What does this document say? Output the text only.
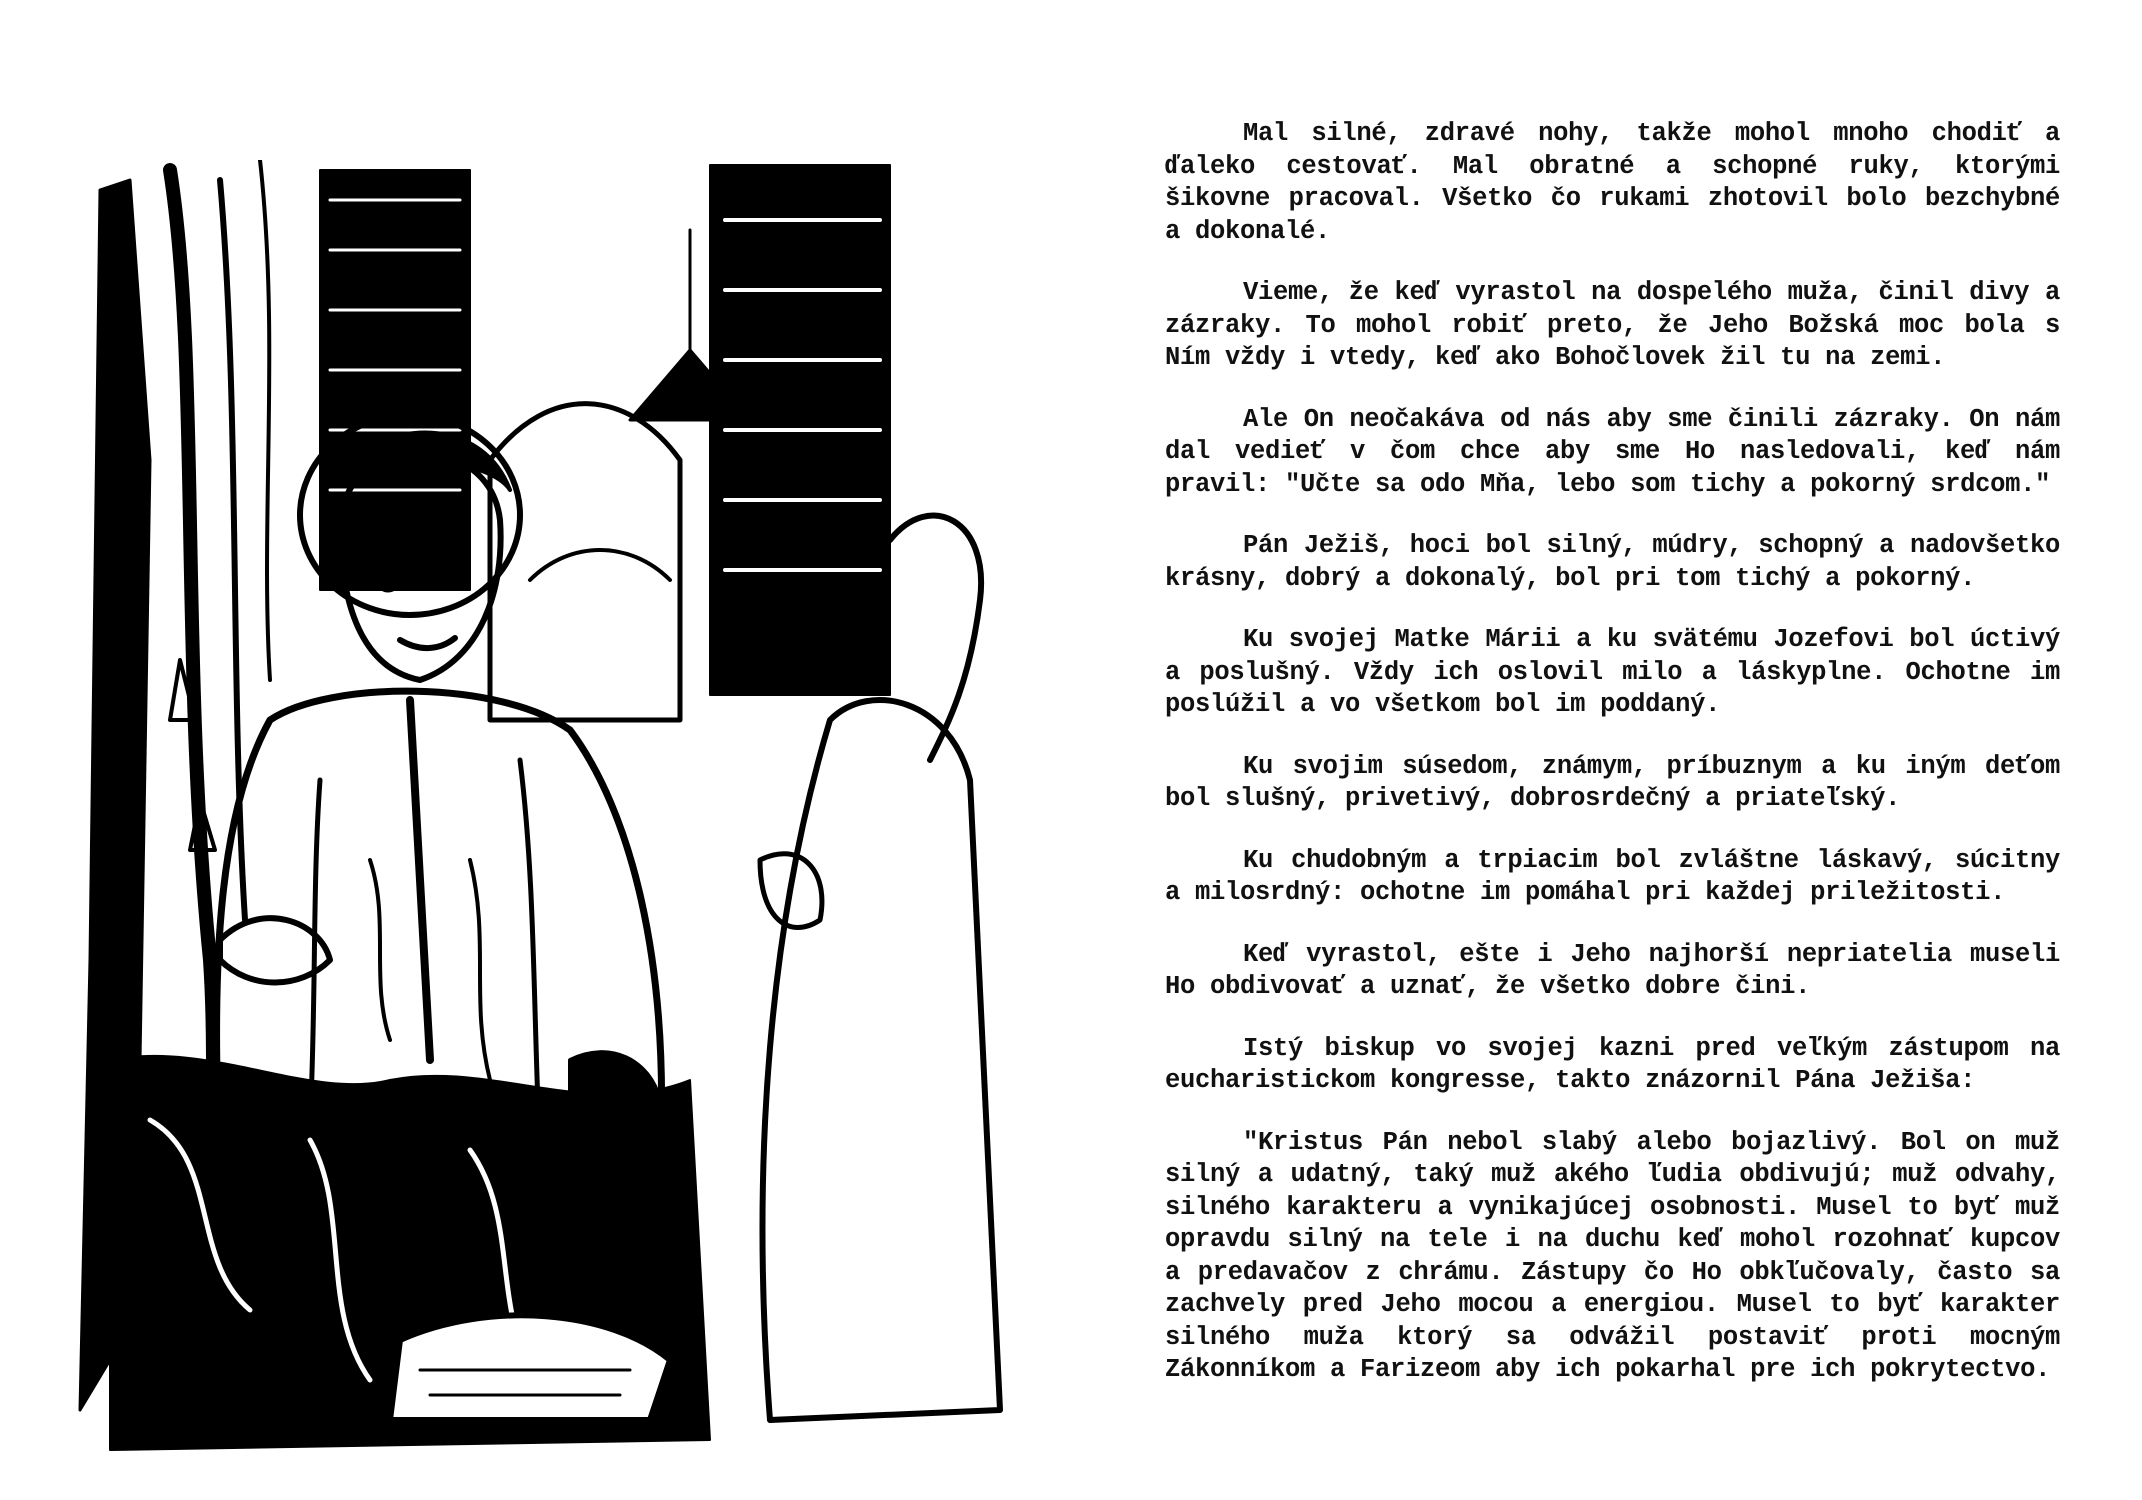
Mal silné, zdravé nohy, takže mohol mnoho chodiť a ďaleko cestovať. Mal obratné a schopné ruky, ktorými šikovne pracoval. Všetko čo rukami zhotovil bolo bezchybné a dokonalé.

Vieme, že keď vyrastol na dospelého muža, činil divy a zázraky. To mohol robiť preto, že Jeho Božská moc bola s Ním vždy i vtedy, keď ako Bohočlovek žil tu na zemi.

Ale On neočakáva od nás aby sme činili zázraky. On nám dal vedieť v čom chce aby sme Ho nasledovali, keď nám pravil: "Učte sa odo Mňa, lebo som tichy a pokorný srdcom."

Pán Ježiš, hoci bol silný, múdry, schopný a nadovšetko krásny, dobrý a dokonalý, bol pri tom tichý a pokorný.

Ku svojej Matke Márii a ku svätému Jozefovi bol úctivý a poslušný. Vždy ich oslovil milo a láskyplne. Ochotne im poslúžil a vo všetkom bol im poddaný.

Ku svojim súsedom, známym, príbuznym a ku iným deťom bol slušný, privetivý, dobrosrdečný a priateľský.

Ku chudobným a trpiacim bol zvláštne láskavý, súcitny a milosrdný: ochotne im pomáhal pri každej priležitosti.

Keď vyrastol, ešte i Jeho najhorší nepriatelia museli Ho obdivovať a uznať, že všetko dobre čini.

Istý biskup vo svojej kazni pred veľkým zástupom na eucharistickom kongresse, takto znázornil Pána Ježiša:

"Kristus Pán nebol slabý alebo bojazlivý. Bol on muž silný a udatný, taký muž akého ľudia obdivujú; muž odvahy, silného karakteru a vynikajúcej osobnosti. Musel to byť muž opravdu silný na tele i na duchu keď mohol rozohnať kupcov a predavačov z chrámu. Zástupy čo Ho obkľučovaly, často sa zachvely pred Jeho mocou a energiou. Musel to byť karakter silného muža ktorý sa odvážil postaviť proti mocným Zákonníkom a Farizeom aby ich pokarhal pre ich pokrytectvo.
